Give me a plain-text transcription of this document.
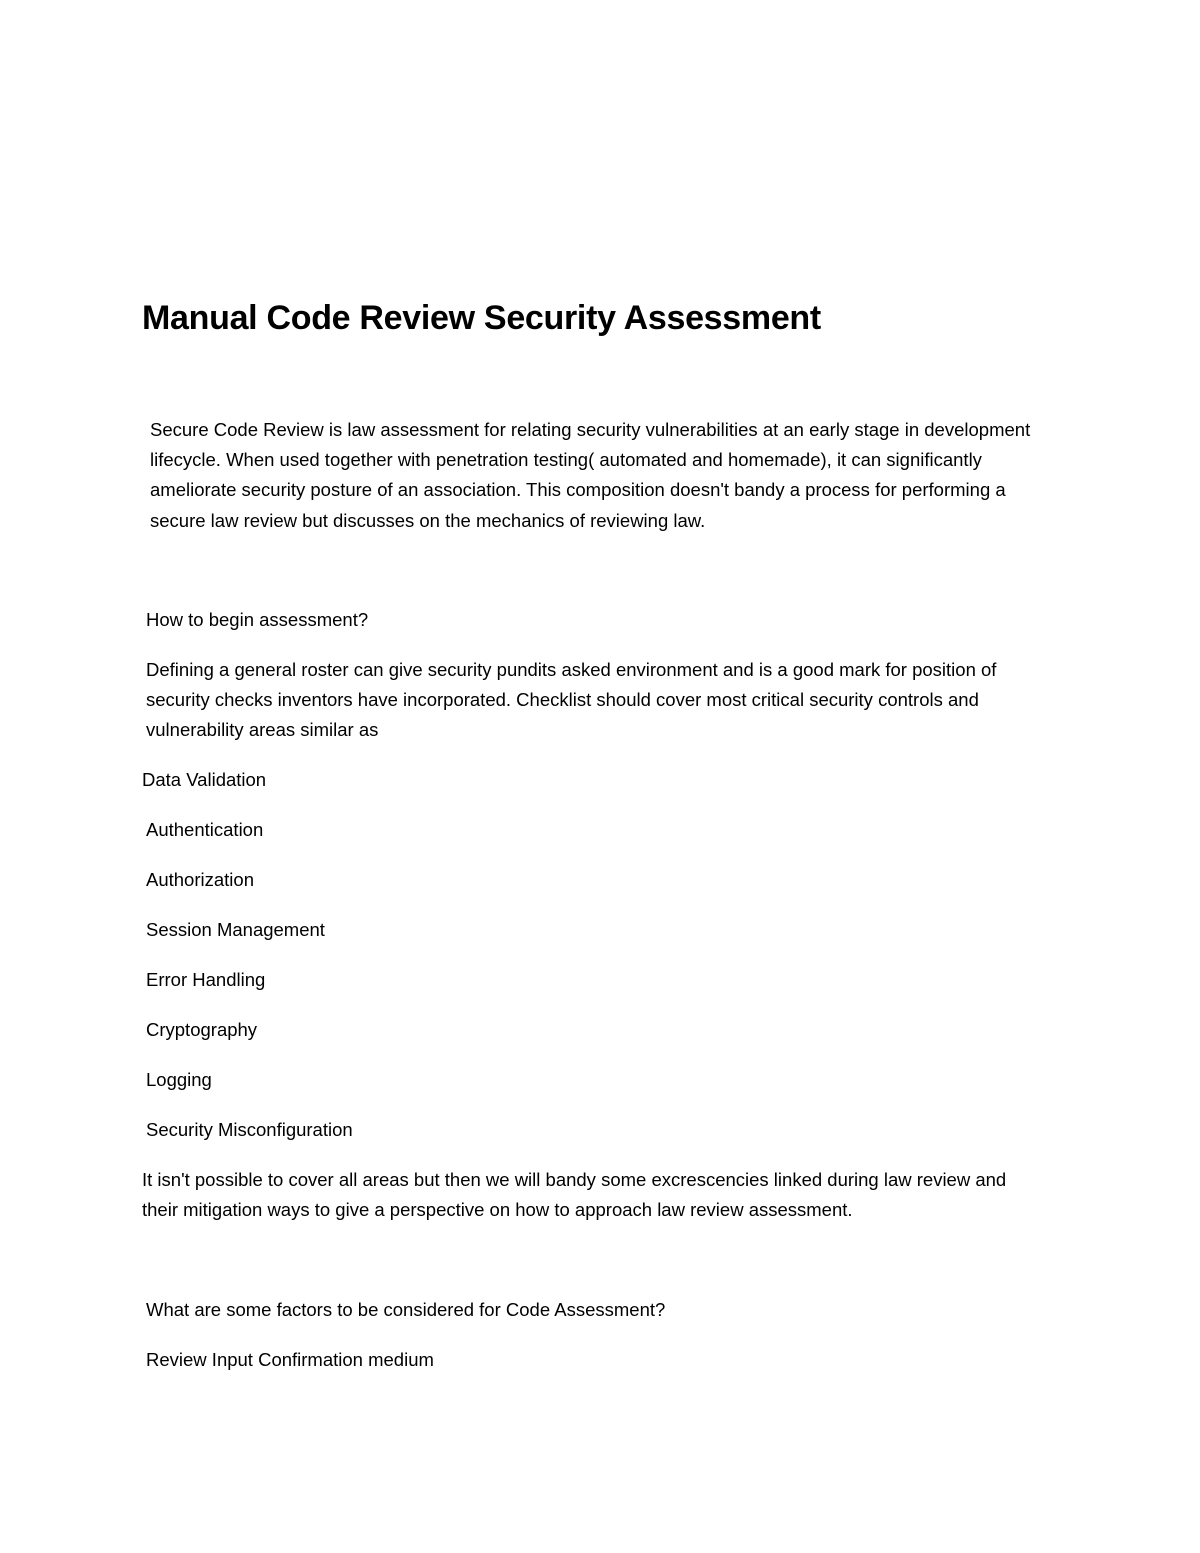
Manual Code Review Security Assessment

Secure Code Review is law assessment for relating security vulnerabilities at an early stage in development lifecycle. When used together with penetration testing( automated and homemade), it can significantly ameliorate security posture of an association. This composition doesn't bandy a process for performing a secure law review but discusses on the mechanics of reviewing law.

How to begin assessment?

Defining a general roster can give security pundits asked environment and is a good mark for position of security checks inventors have incorporated. Checklist should cover most critical security controls and vulnerability areas similar as

Data Validation

Authentication

Authorization

Session Management

Error Handling

Cryptography

Logging

Security Misconfiguration

It isn't possible to cover all areas but then we will bandy some excrescencies linked during law review and their mitigation ways to give a perspective on how to approach law review assessment.

What are some factors to be considered for Code Assessment?

Review Input Confirmation medium
